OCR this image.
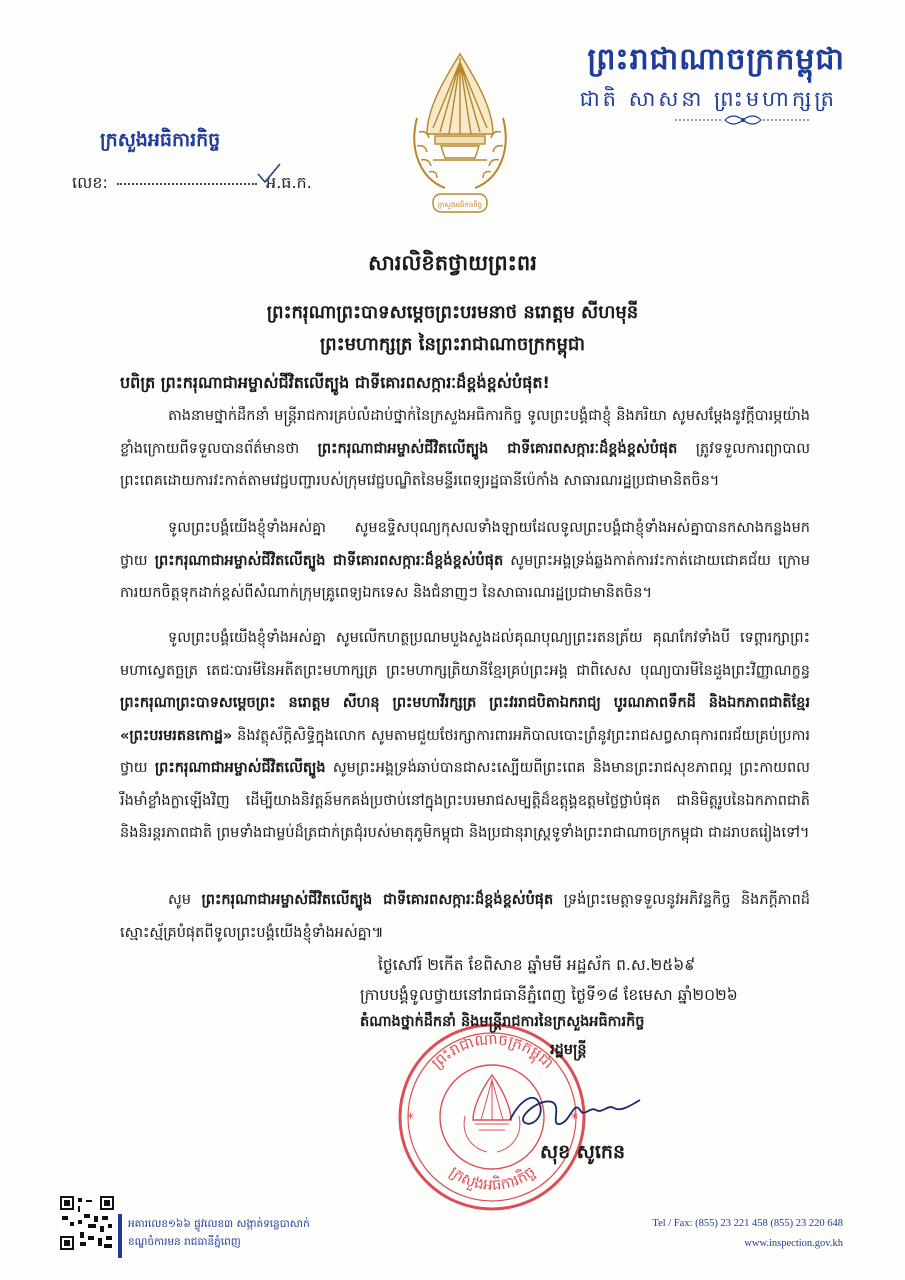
ព្រះរាជាណាចក្រកម្ពុជា
ជាតិ សាសនា ព្រះមហាក្សត្រ
ក្រសួងអធិការកិច្ច
លេខ:	អ.ធ.ក.
ក្រសួងអធិការកិច្ច
សារលិខិតថ្វាយព្រះពរ
ព្រះករុណាព្រះបាទសម្តេចព្រះបរមនាថ នរោត្តម សីហមុនី
ព្រះមហាក្សត្រ នៃព្រះរាជាណាចក្រកម្ពុជា
បពិត្រ ព្រះករុណាជាអម្ចាស់ជីវិតលើត្បូង ជាទីគោរពសក្ការៈដ៏ខ្ពង់ខ្ពស់បំផុត!
តាងនាមថ្នាក់ដឹកនាំ មន្ត្រីរាជការគ្រប់លំដាប់ថ្នាក់នៃក្រសួងអធិការកិច្ច ទូលព្រះបង្គំជាខ្ញុំ និងភរិយា សូមសម្តែងនូវក្តីបារម្ភយ៉ាងខ្លាំងក្រោយពីទទួលបានព័ត៌មានថា ព្រះករុណាជាអម្ចាស់ជីវិតលើត្បូង ជាទីគោរពសក្ការៈដ៏ខ្ពង់ខ្ពស់បំផុត ត្រូវទទួលការព្យាបាលព្រះពេគដោយការវះកាត់តាមវេជ្ជបញ្ជារបស់ក្រុមវេជ្ជបណ្ឌិតនៃមន្ទីរពេទ្យរដ្ឋធានីប៉េកាំង សាធារណរដ្ឋប្រជាមានិតចិន។
ទូលព្រះបង្គំយើងខ្ញុំទាំងអស់គ្នា សូមឧទ្ទិសបុណ្យកុសលទាំងឡាយដែលទូលព្រះបង្គំជាខ្ញុំទាំងអស់គ្នាបានកសាងកន្លងមកថ្វាយ ព្រះករុណាជាអម្ចាស់ជីវិតលើត្បូង ជាទីគោរពសក្ការៈដ៏ខ្ពង់ខ្ពស់បំផុត សូមព្រះអង្គទ្រង់ឆ្លងកាត់ការវះកាត់ដោយជោគជ័យ ក្រោមការយកចិត្តទុកដាក់ខ្ពស់ពីសំណាក់ក្រុមគ្រូពេទ្យឯកទេស និងជំនាញៗ នៃសាធារណរដ្ឋប្រជាមានិតចិន។
ទូលព្រះបង្គំយើងខ្ញុំទាំងអស់គ្នា សូមលើកហត្ថប្រណមបួងសួងដល់គុណបុណ្យព្រះរតនត្រ័យ គុណកែវទាំងបី ទេព្តារក្សាព្រះមហាស្វេតច្ឆត្រ តេជៈបារមីនៃអតីតព្រះមហាក្សត្រ ព្រះមហាក្សត្រិយានីខ្មែរគ្រប់ព្រះអង្គ ជាពិសេស បុណ្យបារមីនៃដួងព្រះវិញ្ញាណក្ខន្ធ ព្រះករុណាព្រះបាទសម្តេចព្រះ នរោត្តម សីហនុ ព្រះមហាវីរក្សត្រ ព្រះវររាជបិតាឯករាជ្យ បូរណភាពទឹកដី និងឯកភាពជាតិខ្មែរ «ព្រះបរមរតនកោដ្ឋ» និងវត្ថុស័ក្តិសិទ្ធិក្នុងលោក សូមតាមជួយថែរក្សាការពារអភិបាលបោះព្រំនូវព្រះរាជសព្វសាធុការពរជ័យគ្រប់ប្រការថ្វាយ ព្រះករុណាជាអម្ចាស់ជីវិតលើត្បូង សូមព្រះអង្គទ្រង់ឆាប់បានជាសះស្បើយពីព្រះពេគ និងមានព្រះរាជសុខភាពល្អ ព្រះកាយពលរឹងមាំខ្លាំងក្លាឡើងវិញ ដើម្បីយាងនិវត្តន៍មកគង់ប្រថាប់នៅក្នុងព្រះបរមរាជសម្បត្តិដ៏ឧត្តុង្គឧត្តមថ្លៃថ្លាបំផុត ជានិមិត្តរូបនៃឯកភាពជាតិ និងនិរន្តរភាពជាតិ ព្រមទាំងជាម្លប់ដ៏ត្រជាក់ត្រជុំរបស់មាតុភូមិកម្ពុជា និងប្រជានុរាស្ត្រទូទាំងព្រះរាជាណាចក្រកម្ពុជា ជាដរាបតរៀងទៅ។
សូម ព្រះករុណាជាអម្ចាស់ជីវិតលើត្បូង ជាទីគោរពសក្ការៈដ៏ខ្ពង់ខ្ពស់បំផុត ទ្រង់ព្រះមេត្តាទទួលនូវអភិវន្ទកិច្ច និងភក្តីភាពដ៏ស្មោះស្ម័គ្របំផុតពីទូលព្រះបង្គំយើងខ្ញុំទាំងអស់គ្នា៕
ព្រះរាជាណាចក្រកម្ពុជា
ក្រសួងអធិការកិច្ច
*	*
ថ្ងៃសៅរ៍ ២កើត ខែពិសាខ ឆ្នាំមមី អដ្ឋស័ក ព.ស.២៥៦៩
ក្រាបបង្គំទូលថ្វាយនៅរាជធានីភ្នំពេញ ថ្ងៃទី១៨ ខែមេសា ឆ្នាំ២០២៦
តំណាងថ្នាក់ដឹកនាំ និងមន្ត្រីរាជការនៃក្រសួងអធិការកិច្ច
រដ្ឋមន្ត្រី
សុខ សូកេន
អគារលេខ១៦៦ ផ្លូវលេខ៣ សង្កាត់ទន្លេបាសាក់
ខណ្ឌចំការមន រាជធានីភ្នំពេញ
Tel / Fax: (855) 23 221 458 (855) 23 220 648
www.inspection.gov.kh
